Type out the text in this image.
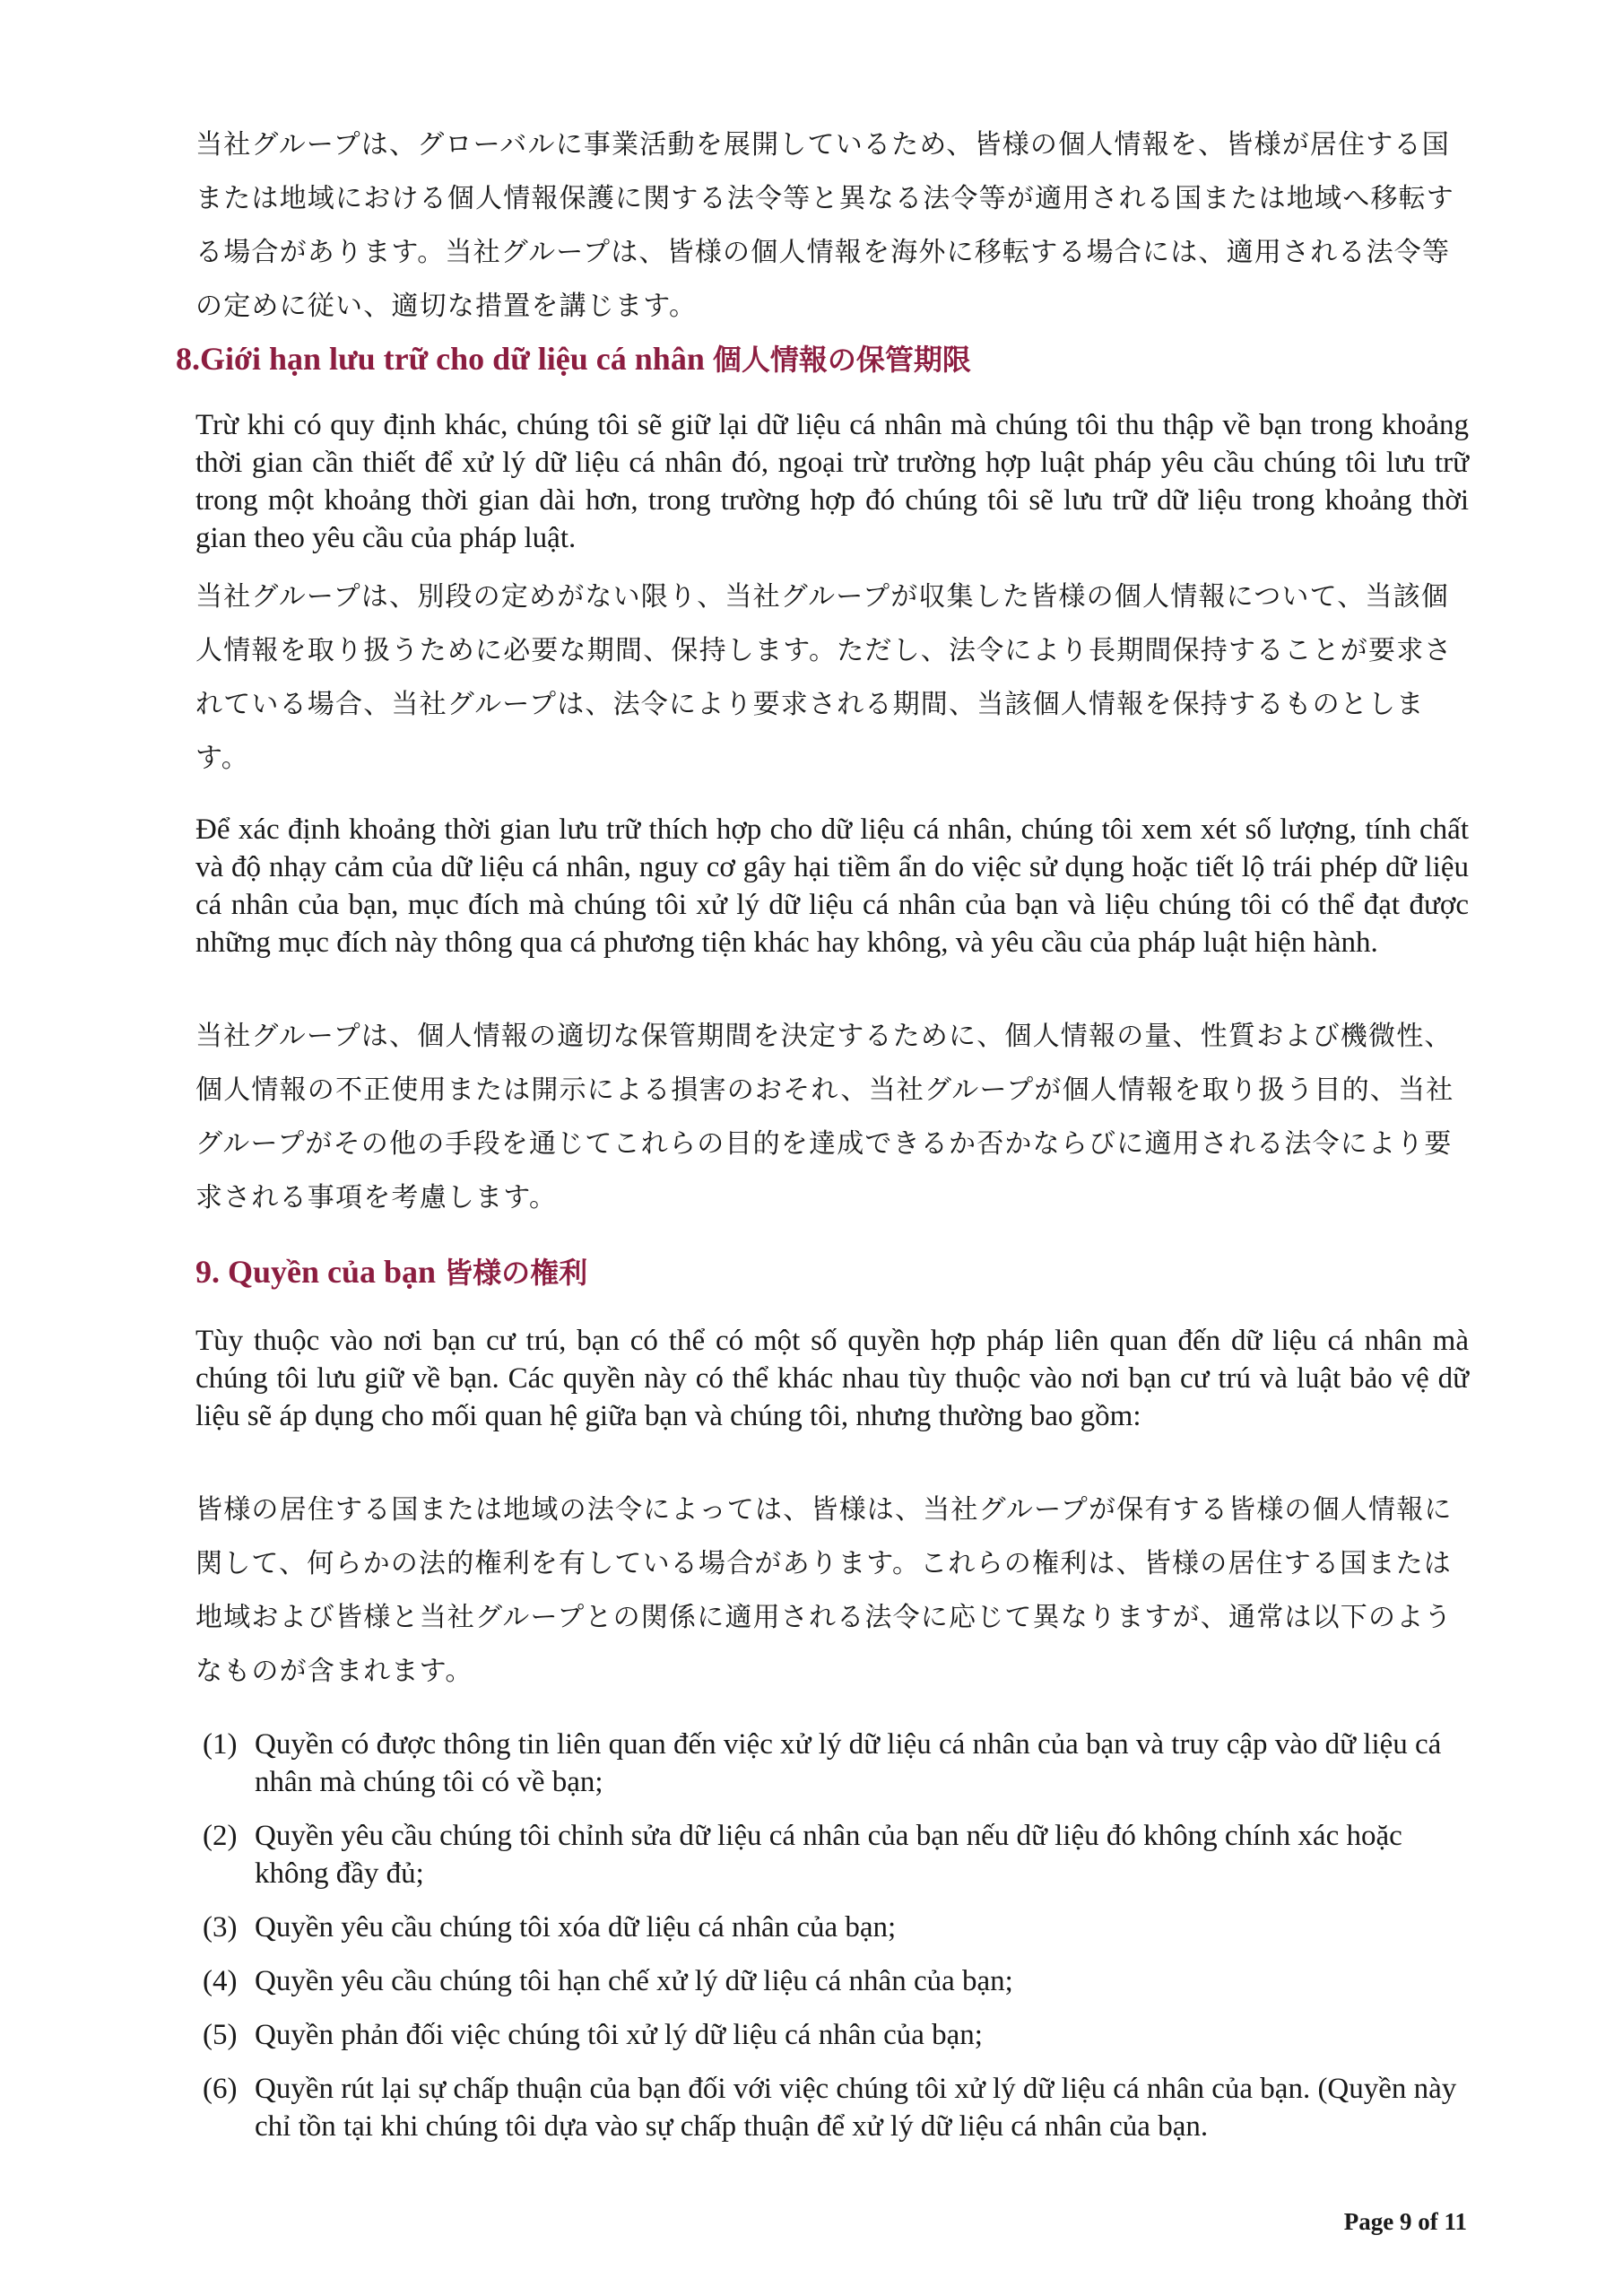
当社グループは、グローバルに事業活動を展開しているため、皆様の個人情報を、皆様が居住する国または地域における個人情報保護に関する法令等と異なる法令等が適用される国または地域へ移転する場合があります。当社グループは、皆様の個人情報を海外に移転する場合には、適用される法令等の定めに従い、適切な措置を講じます。

8.Giới hạn lưu trữ cho dữ liệu cá nhân 個人情報の保管期限

Trừ khi có quy định khác, chúng tôi sẽ giữ lại dữ liệu cá nhân mà chúng tôi thu thập về bạn trong khoảng thời gian cần thiết để xử lý dữ liệu cá nhân đó, ngoại trừ trường hợp luật pháp yêu cầu chúng tôi lưu trữ trong một khoảng thời gian dài hơn, trong trường hợp đó chúng tôi sẽ lưu trữ dữ liệu trong khoảng thời gian theo yêu cầu của pháp luật.

当社グループは、別段の定めがない限り、当社グループが収集した皆様の個人情報について、当該個人情報を取り扱うために必要な期間、保持します。ただし、法令により長期間保持することが要求されている場合、当社グループは、法令により要求される期間、当該個人情報を保持するものとします。

Để xác định khoảng thời gian lưu trữ thích hợp cho dữ liệu cá nhân, chúng tôi xem xét số lượng, tính chất và độ nhạy cảm của dữ liệu cá nhân, nguy cơ gây hại tiềm ẩn do việc sử dụng hoặc tiết lộ trái phép dữ liệu cá nhân của bạn, mục đích mà chúng tôi xử lý dữ liệu cá nhân của bạn và liệu chúng tôi có thể đạt được những mục đích này thông qua cá phương tiện khác hay không, và yêu cầu của pháp luật hiện hành.

当社グループは、個人情報の適切な保管期間を決定するために、個人情報の量、性質および機微性、個人情報の不正使用または開示による損害のおそれ、当社グループが個人情報を取り扱う目的、当社グループがその他の手段を通じてこれらの目的を達成できるか否かならびに適用される法令により要求される事項を考慮します。

9. Quyền của bạn 皆様の権利

Tùy thuộc vào nơi bạn cư trú, bạn có thể có một số quyền hợp pháp liên quan đến dữ liệu cá nhân mà chúng tôi lưu giữ về bạn. Các quyền này có thể khác nhau tùy thuộc vào nơi bạn cư trú và luật bảo vệ dữ liệu sẽ áp dụng cho mối quan hệ giữa bạn và chúng tôi, nhưng thường bao gồm:

皆様の居住する国または地域の法令によっては、皆様は、当社グループが保有する皆様の個人情報に関して、何らかの法的権利を有している場合があります。これらの権利は、皆様の居住する国または地域および皆様と当社グループとの関係に適用される法令に応じて異なりますが、通常は以下のようなものが含まれます。

(1) Quyền có được thông tin liên quan đến việc xử lý dữ liệu cá nhân của bạn và truy cập vào dữ liệu cá nhân mà chúng tôi có về bạn;
(2) Quyền yêu cầu chúng tôi chỉnh sửa dữ liệu cá nhân của bạn nếu dữ liệu đó không chính xác hoặc không đầy đủ;
(3) Quyền yêu cầu chúng tôi xóa dữ liệu cá nhân của bạn;
(4) Quyền yêu cầu chúng tôi hạn chế xử lý dữ liệu cá nhân của bạn;
(5) Quyền phản đối việc chúng tôi xử lý dữ liệu cá nhân của bạn;
(6) Quyền rút lại sự chấp thuận của bạn đối với việc chúng tôi xử lý dữ liệu cá nhân của bạn. (Quyền này chỉ tồn tại khi chúng tôi dựa vào sự chấp thuận để xử lý dữ liệu cá nhân của bạn.
Page 9 of 11
